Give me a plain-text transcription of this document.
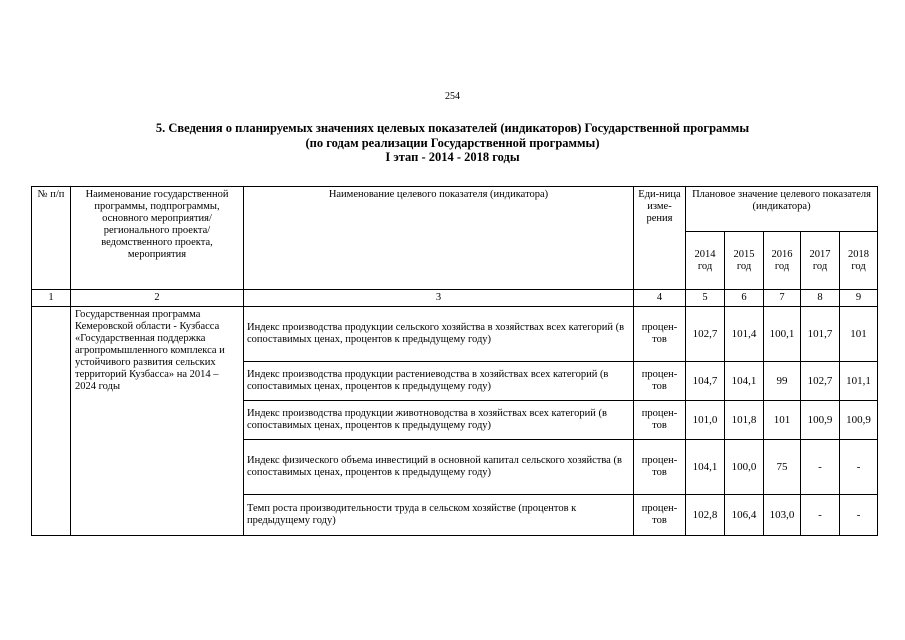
254
5. Сведения о планируемых значениях целевых показателей (индикаторов) Государственной программы
(по годам реализации Государственной программы)
I этап - 2014 - 2018 годы
№ п/п	Наименование государственной программы, подпрограммы, основного мероприятия/регионального проекта/ведомственного проекта, мероприятия	Наименование целевого показателя (индикатора)	Еди-ница изме-рения	Плановое значение целевого показателя (индикатора)				
				2014 год	2015 год	2016 год	2017 год	2018 год
1	2	3	4	5	6	7	8	9
	Государственная программа Кемеровской области - Кузбасса «Государственная поддержка агропромышленного комплекса и устойчивого развития сельских территорий Кузбасса» на 2014 – 2024 годы	Индекс производства продукции сельского хозяйства в хозяйствах всех категорий (в сопоставимых ценах, процентов к предыдущему году)	процен-тов	102,7	101,4	100,1	101,7	101
		Индекс производства продукции растениеводства в хозяйствах всех категорий (в сопоставимых ценах, процентов к предыдущему году)	процен-тов	104,7	104,1	99	102,7	101,1
		Индекс производства продукции животноводства в хозяйствах всех категорий (в сопоставимых ценах, процентов к предыдущему году)	процен-тов	101,0	101,8	101	100,9	100,9
		Индекс физического объема инвестиций в основной капитал сельского хозяйства (в сопоставимых ценах, процентов к предыдущему году)	процен-тов	104,1	100,0	75	-	-
		Темп роста производительности труда в сельском хозяйстве (процентов к предыдущему году)	процен-тов	102,8	106,4	103,0	-	-
